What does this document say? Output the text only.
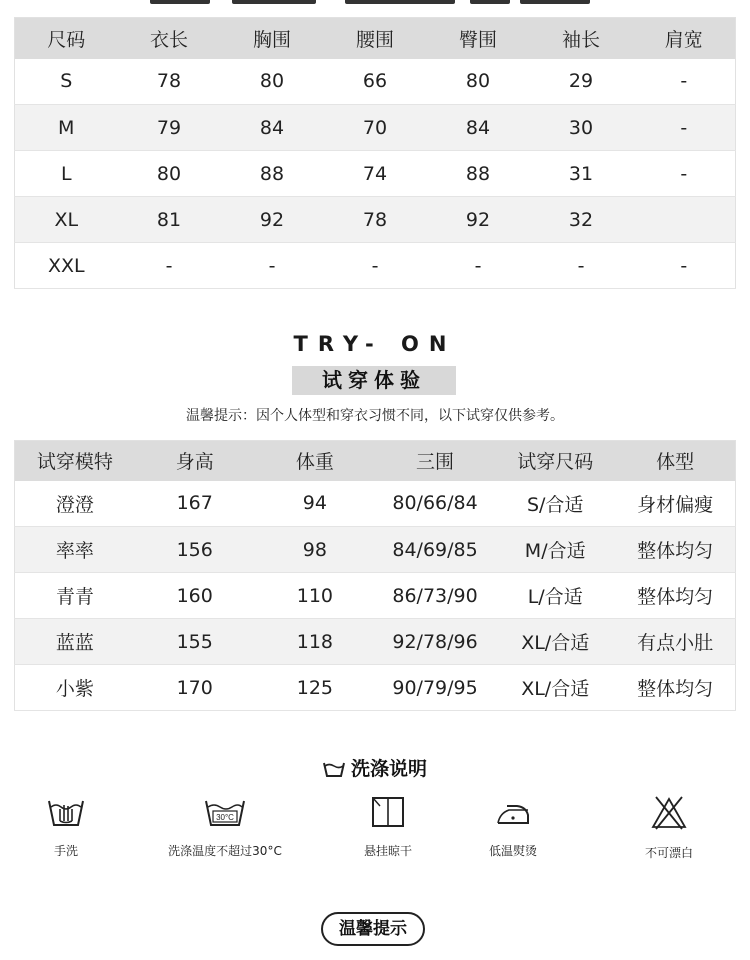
尺码	衣长	胸围	腰围	臀围	袖长	肩宽
S	78	80	66	80	29	-
M	79	84	70	84	30	-
L	80	88	74	88	31	-
XL	81	92	78	92	32	
XXL	-	-	-	-	-	-
TRY- ON
试穿体验
温馨提示：因个人体型和穿衣习惯不同，以下试穿仅供参考。
试穿模特	身高	体重	三围	试穿尺码	体型
澄澄	167	94	80/66/84	S/合适	身材偏瘦
率率	156	98	84/69/85	M/合适	整体均匀
青青	160	110	86/73/90	L/合适	整体均匀
蓝蓝	155	118	92/78/96	XL/合适	有点小肚
小紫	170	125	90/79/95	XL/合适	整体均匀
洗涤说明
手洗
30°C
洗涤温度不超过30°C	悬挂晾干	低温熨烫	不可漂白
温馨提示
